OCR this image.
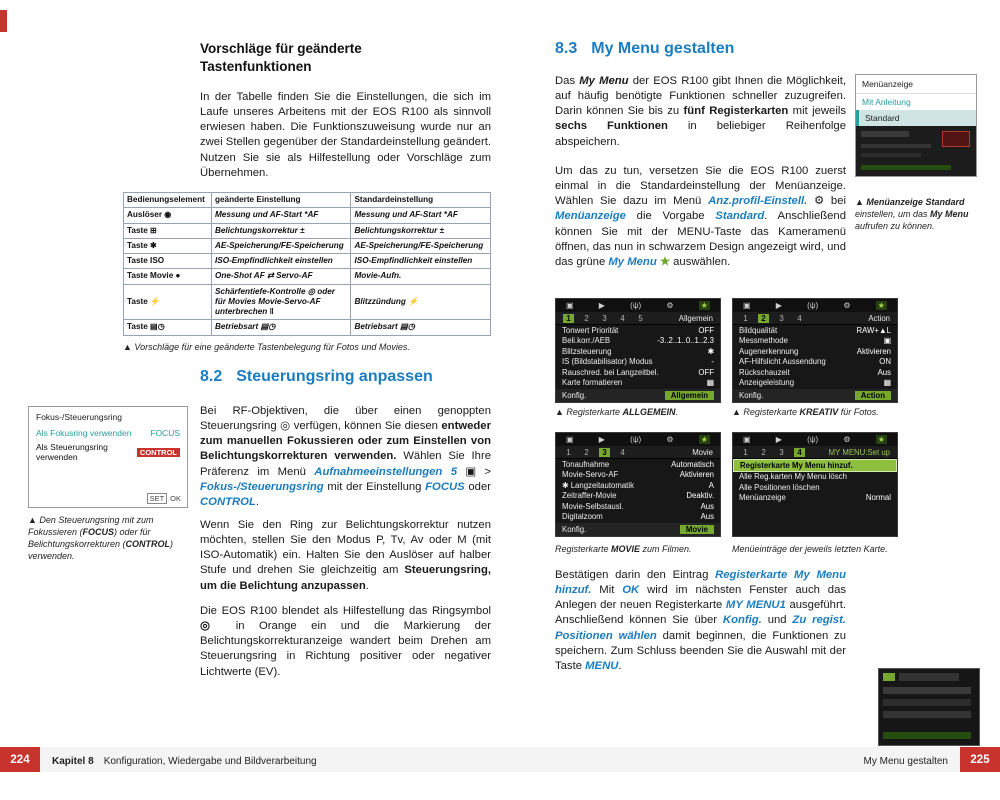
Vorschläge für geänderte Tastenfunktionen

In der Tabelle finden Sie die Einstellungen, die sich im Laufe unseres Arbeitens mit der EOS R100 als sinnvoll erwiesen haben. Die Funktionszuweisung wurde nur an zwei Stellen gegenüber der Standardeinstellung geändert. Nutzen Sie sie als Hilfestellung oder Vorschläge zum Übernehmen.

Bedienungselement	geänderte Einstellung	Standardeinstellung
Auslöser ◉	Messung und AF-Start *AF	Messung und AF-Start *AF
Taste ⊞	Belichtungskorrektur ±	Belichtungskorrektur ±
Taste ✱	AE-Speicherung/FE-Speicherung	AE-Speicherung/FE-Speicherung
Taste ISO	ISO-Empfindlichkeit einstellen	ISO-Empfindlichkeit einstellen
Taste Movie ●	One-Shot AF ⇄ Servo-AF	Movie-Aufn.
Taste ⚡	Schärfentiefe-Kontrolle ◎ oder für Movies Movie-Servo-AF unterbrechen ‖	Blitzzündung ⚡
Taste ▤◷	Betriebsart ▤◷	Betriebsart ▤◷

▲ Vorschläge für eine geänderte Tastenbelegung für Fotos und Movies.

8.2 Steuerungsring anpassen
Fokus-/Steuerungsring
Als Fokusring verwenden FOCUS
Als Steuerungsring verwenden	CONTROL
SET OK

▲ Den Steuerungsring mit zum Fokussieren (FOCUS) oder für Belichtungskorrekturen (CONTROL) verwenden.

Bei RF-Objektiven, die über einen genoppten Steuerungsring ◎ verfügen, können Sie diesen entweder zum manuellen Fokussieren oder zum Einstellen von Belichtungskorrekturen verwenden. Wählen Sie Ihre Präferenz im Menü Aufnahmeeinstellungen 5 ▣ > Fokus-/Steuerungsring mit der Einstellung FOCUS oder CONTROL.

Wenn Sie den Ring zur Belichtungskorrektur nutzen möchten, stellen Sie den Modus P, Tv, Av oder M (mit ISO-Automatik) ein. Halten Sie den Auslöser auf halber Stufe und drehen Sie gleichzeitig am Steuerungsring, um die Belichtung anzupassen.

Die EOS R100 blendet als Hilfestellung das Ringsymbol ◎ in Orange ein und die Markierung der Belichtungskorrekturanzeige wandert beim Drehen am Steuerungsring in Richtung positiver oder negativer Lichtwerte (EV).

8.3 My Menu gestalten

Das My Menu der EOS R100 gibt Ihnen die Möglichkeit, auf häufig benötigte Funktionen schneller zuzugreifen. Darin können Sie bis zu fünf Registerkarten mit jeweils sechs Funktionen in beliebiger Reihenfolge abspeichern.

Um das zu tun, versetzen Sie die EOS R100 zuerst einmal in die Standardeinstellung der Menüanzeige. Wählen Sie dazu im Menü Anz.profil-Einstell. ⚙ bei Menüanzeige die Vorgabe Standard. Anschließend können Sie mit der MENU-Taste das Kameramenü öffnen, das nun in schwarzem Design angezeigt wird, und das grüne My Menu ★ auswählen.

Menüanzeige
Mit Anleitung
Standard

▲ Menüanzeige Standard einstellen, um das My Menu aufrufen zu können.

▣	▶	(ψ)	⚙	★
1	2	3	4	5	Allgemein
Tonwert Priorität	OFF
Beli.korr./AEB	-3..2..1..0..1..2.3
Blitzsteuerung	✱
IS (Bildstabilisator) Modus	-
Rauschred. bei Langzeitbel.	OFF
Karte formatieren	▦
Konfig.	Allgemein
▣	▶	(ψ)	⚙	★
1	2	3	4	Action
Bildqualität	RAW+▲L
Messmethode	▣
Augenerkennung	Aktivieren
AF-Hilfslicht Aussendung	ON
Rückschauzeit	Aus
Anzeigeleistung	▦
Konfig.	Action

▲ Registerkarte ALLGEMEIN.	▲ Registerkarte KREATIV für Fotos.

▣	▶	(ψ)	⚙	★
1	2	3	4	Movie
Tonaufnahme	Automatisch
Movie-Servo-AF	Aktivieren
✱ Langzeitautomatik	A
Zeitraffer-Movie	Deaktiv.
Movie-Selbstausl.	Aus
Digitalzoom	Aus
Konfig.	Movie
▣	▶	(ψ)	⚙	★
1	2	3	4	MY MENU:Set up
Registerkarte My Menu hinzuf.
Alle Reg.karten My Menu lösch
Alle Positionen löschen
Menüanzeige	Normal

Registerkarte MOVIE zum Filmen.	Menüeinträge der jeweils letzten Karte.

Bestätigen darin den Eintrag Registerkarte My Menu hinzuf. Mit OK wird im nächsten Fenster auch das Anlegen der neuen Registerkarte MY MENU1 ausgeführt. Anschließend können Sie über Konfig. und Zu regist. Positionen wählen damit beginnen, die Funktionen zu speichern. Zum Schluss beenden Sie die Auswahl mit der Taste MENU.

224	225
Kapitel 8 Konfiguration, Wiedergabe und Bildverarbeitung	My Menu gestalten
